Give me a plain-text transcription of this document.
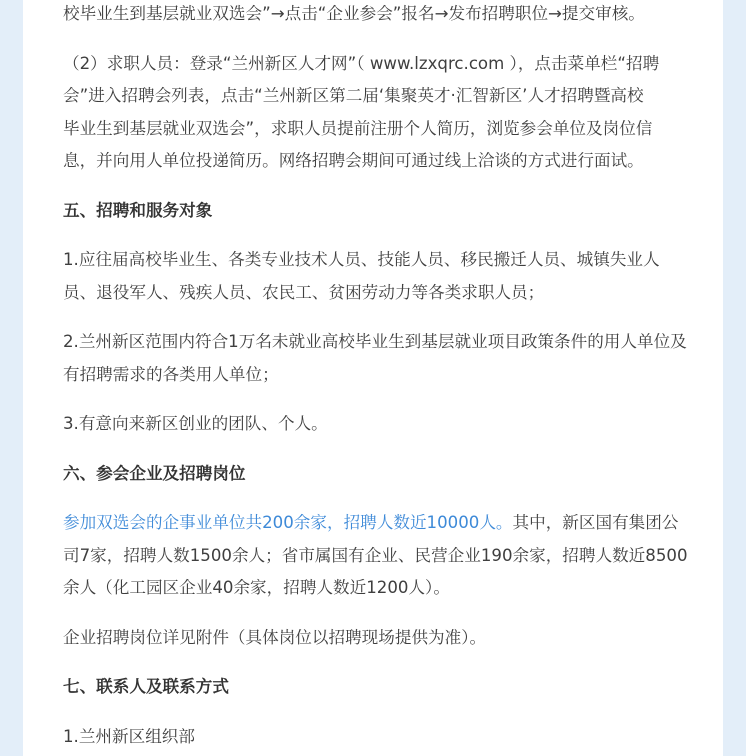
校毕业生到基层就业双选会”→点击“企业参会”报名→发布招聘职位→提交审核。
（2）求职人员：登录“兰州新区人才网”（ www.lzxqrc.com ），点击菜单栏“招聘
会”进入招聘会列表，点击“兰州新区第二届‘集聚英才·汇智新区’人才招聘暨高校
毕业生到基层就业双选会”，求职人员提前注册个人简历，浏览参会单位及岗位信
息，并向用人单位投递简历。网络招聘会期间可通过线上洽谈的方式进行面试。
五、招聘和服务对象
1.应往届高校毕业生、各类专业技术人员、技能人员、移民搬迁人员、城镇失业人
员、退役军人、残疾人员、农民工、贫困劳动力等各类求职人员；
2.兰州新区范围内符合1万名未就业高校毕业生到基层就业项目政策条件的用人单位及
有招聘需求的各类用人单位；
3.有意向来新区创业的团队、个人。
六、参会企业及招聘岗位
参加双选会的企事业单位共200余家，招聘人数近10000人。其中，新区国有集团公
司7家，招聘人数1500余人；省市属国有企业、民营企业190余家，招聘人数近8500
余人（化工园区企业40余家，招聘人数近1200人）。
企业招聘岗位详见附件（具体岗位以招聘现场提供为准）。
七、联系人及联系方式
1.兰州新区组织部
